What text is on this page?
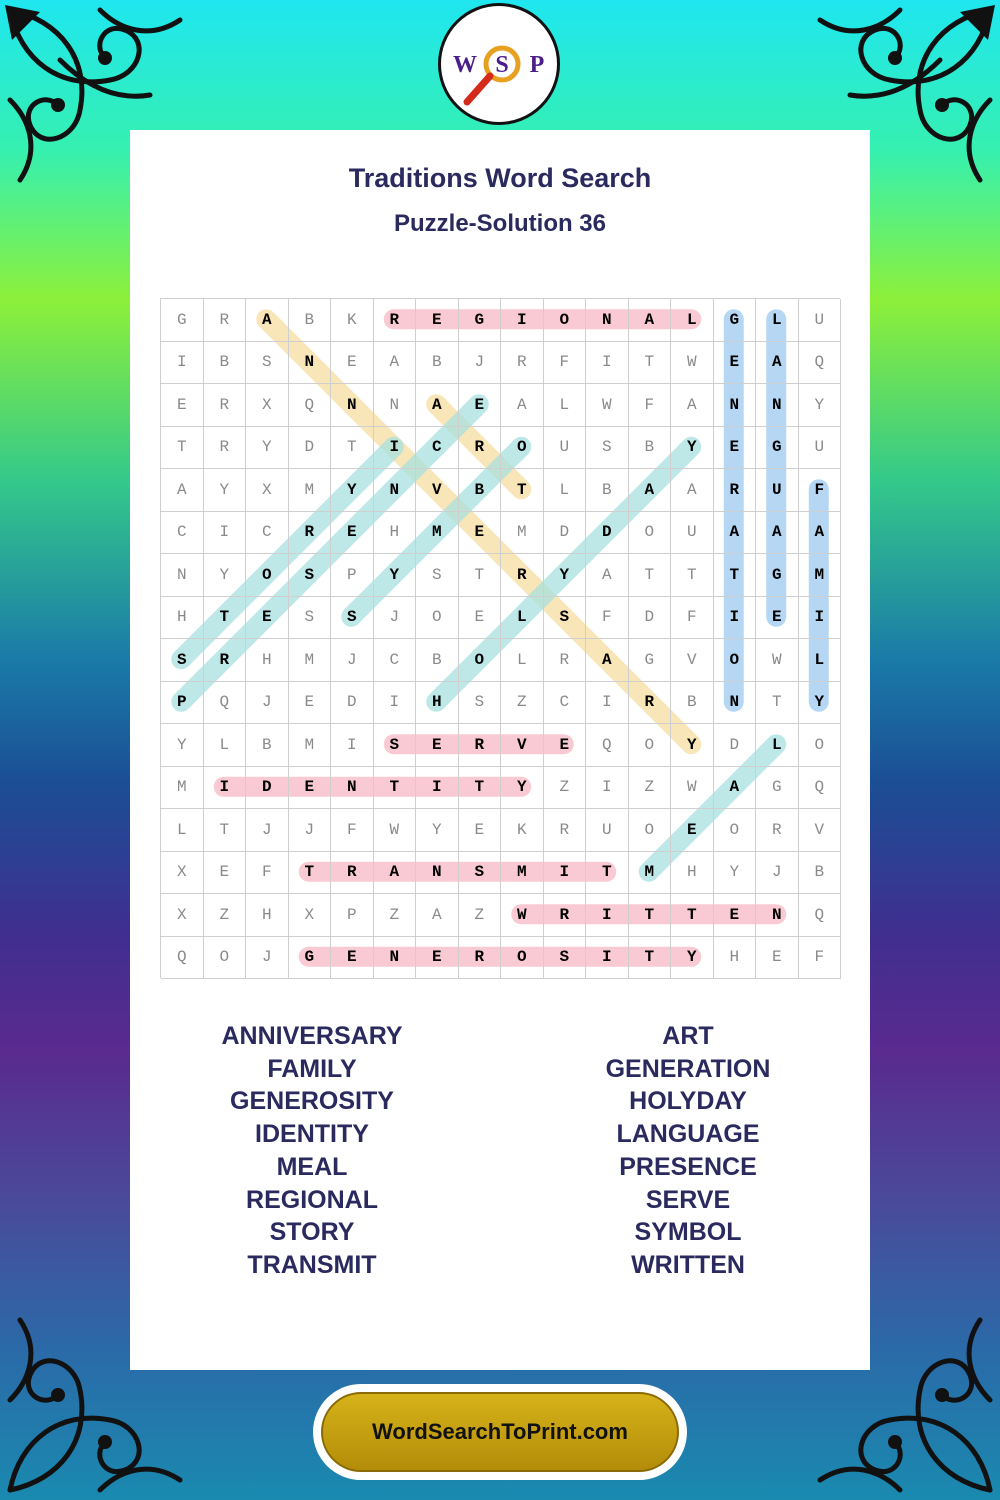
W S P
Traditions Word Search
Puzzle-Solution 36
G	R	A	B	K	R	E	G	I	O	N	A	L	G	L	U
I	B	S	N	E	A	B	J	R	F	I	T	W	E	A	Q
E	R	X	Q	N	N	A	E	A	L	W	F	A	N	N	Y
T	R	Y	D	T	I	C	R	O	U	S	B	Y	E	G	U
A	Y	X	M	Y	N	V	B	T	L	B	A	A	R	U	F
C	I	C	R	E	H	M	E	M	D	D	O	U	A	A	A
N	Y	O	S	P	Y	S	T	R	Y	A	T	T	T	G	M
H	T	E	S	S	J	O	E	L	S	F	D	F	I	E	I
S	R	H	M	J	C	B	O	L	R	A	G	V	O	W	L
P	Q	J	E	D	I	H	S	Z	C	I	R	B	N	T	Y
Y	L	B	M	I	S	E	R	V	E	Q	O	Y	D	L	O
M	I	D	E	N	T	I	T	Y	Z	I	Z	W	A	G	Q
L	T	J	J	F	W	Y	E	K	R	U	O	E	O	R	V
X	E	F	T	R	A	N	S	M	I	T	M	H	Y	J	B
X	Z	H	X	P	Z	A	Z	W	R	I	T	T	E	N	Q
Q	O	J	G	E	N	E	R	O	S	I	T	Y	H	E	F
ANNIVERSARY
FAMILY
GENEROSITY
IDENTITY
MEAL
REGIONAL
STORY
TRANSMIT
ART
GENERATION
HOLYDAY
LANGUAGE
PRESENCE
SERVE
SYMBOL
WRITTEN
WordSearchToPrint.com
